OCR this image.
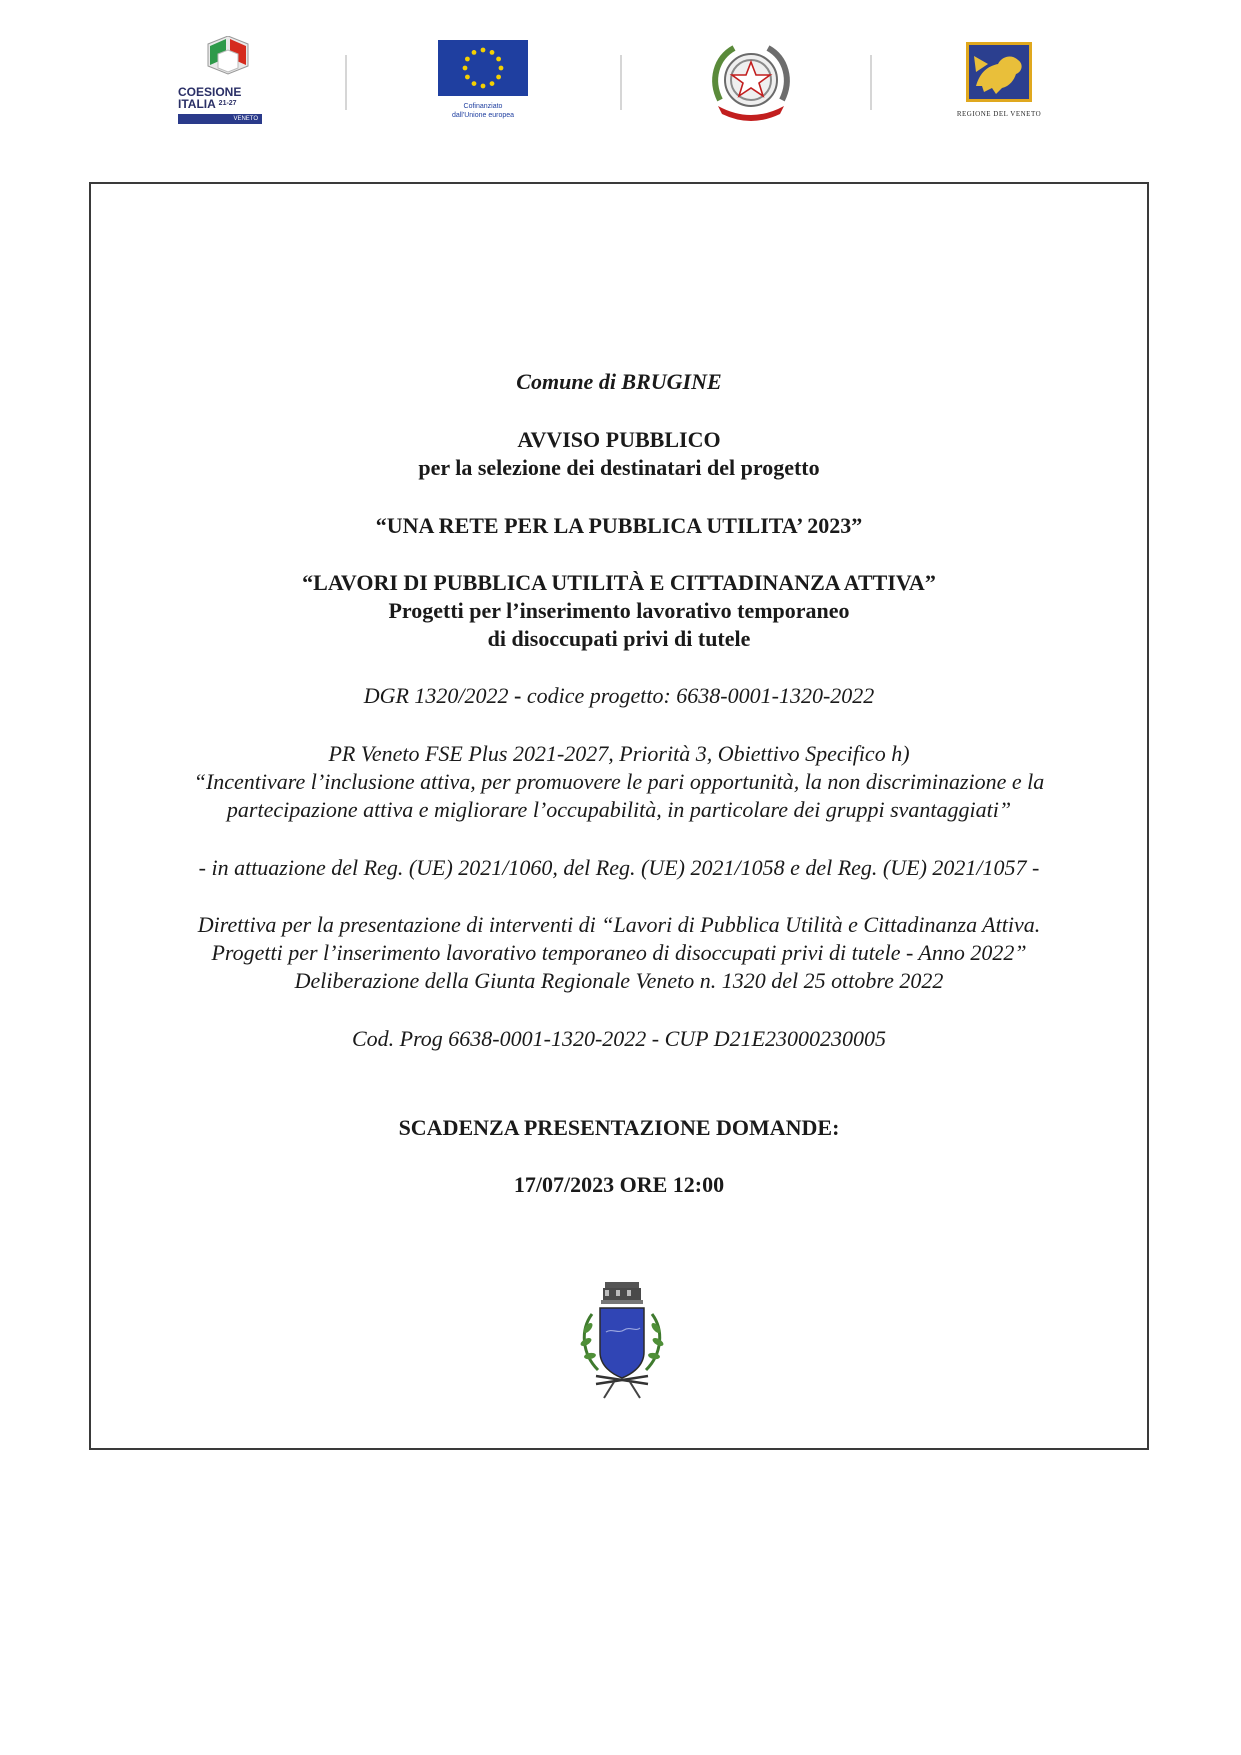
COESIONE
ITALIA $^{21-27}$
VENETO
Cofinanziato
dall'Unione europea	REGIONE DEL VENETO
Comune di BRUGINE
AVVISO PUBBLICO
per la selezione dei destinatari del progetto
“UNA RETE PER LA PUBBLICA UTILITA’ 2023”
“LAVORI DI PUBBLICA UTILITÀ E CITTADINANZA ATTIVA”
Progetti per l’inserimento lavorativo temporaneo
di disoccupati privi di tutele
DGR 1320/2022 - codice progetto: 6638-0001-1320-2022
PR Veneto FSE Plus 2021-2027, Priorità 3, Obiettivo Specifico h)
“Incentivare l’inclusione attiva, per promuovere le pari opportunità, la non discriminazione e la
partecipazione attiva e migliorare l’occupabilità, in particolare dei gruppi svantaggiati”
- in attuazione del Reg. (UE) 2021/1060, del Reg. (UE) 2021/1058 e del Reg. (UE) 2021/1057 -
Direttiva per la presentazione di interventi di “Lavori di Pubblica Utilità e Cittadinanza Attiva.
Progetti per l’inserimento lavorativo temporaneo di disoccupati privi di tutele - Anno 2022”
Deliberazione della Giunta Regionale Veneto n. 1320 del 25 ottobre 2022
Cod. Prog 6638-0001-1320-2022 - CUP D21E23000230005
SCADENZA PRESENTAZIONE DOMANDE:
17/07/2023 ORE 12:00
